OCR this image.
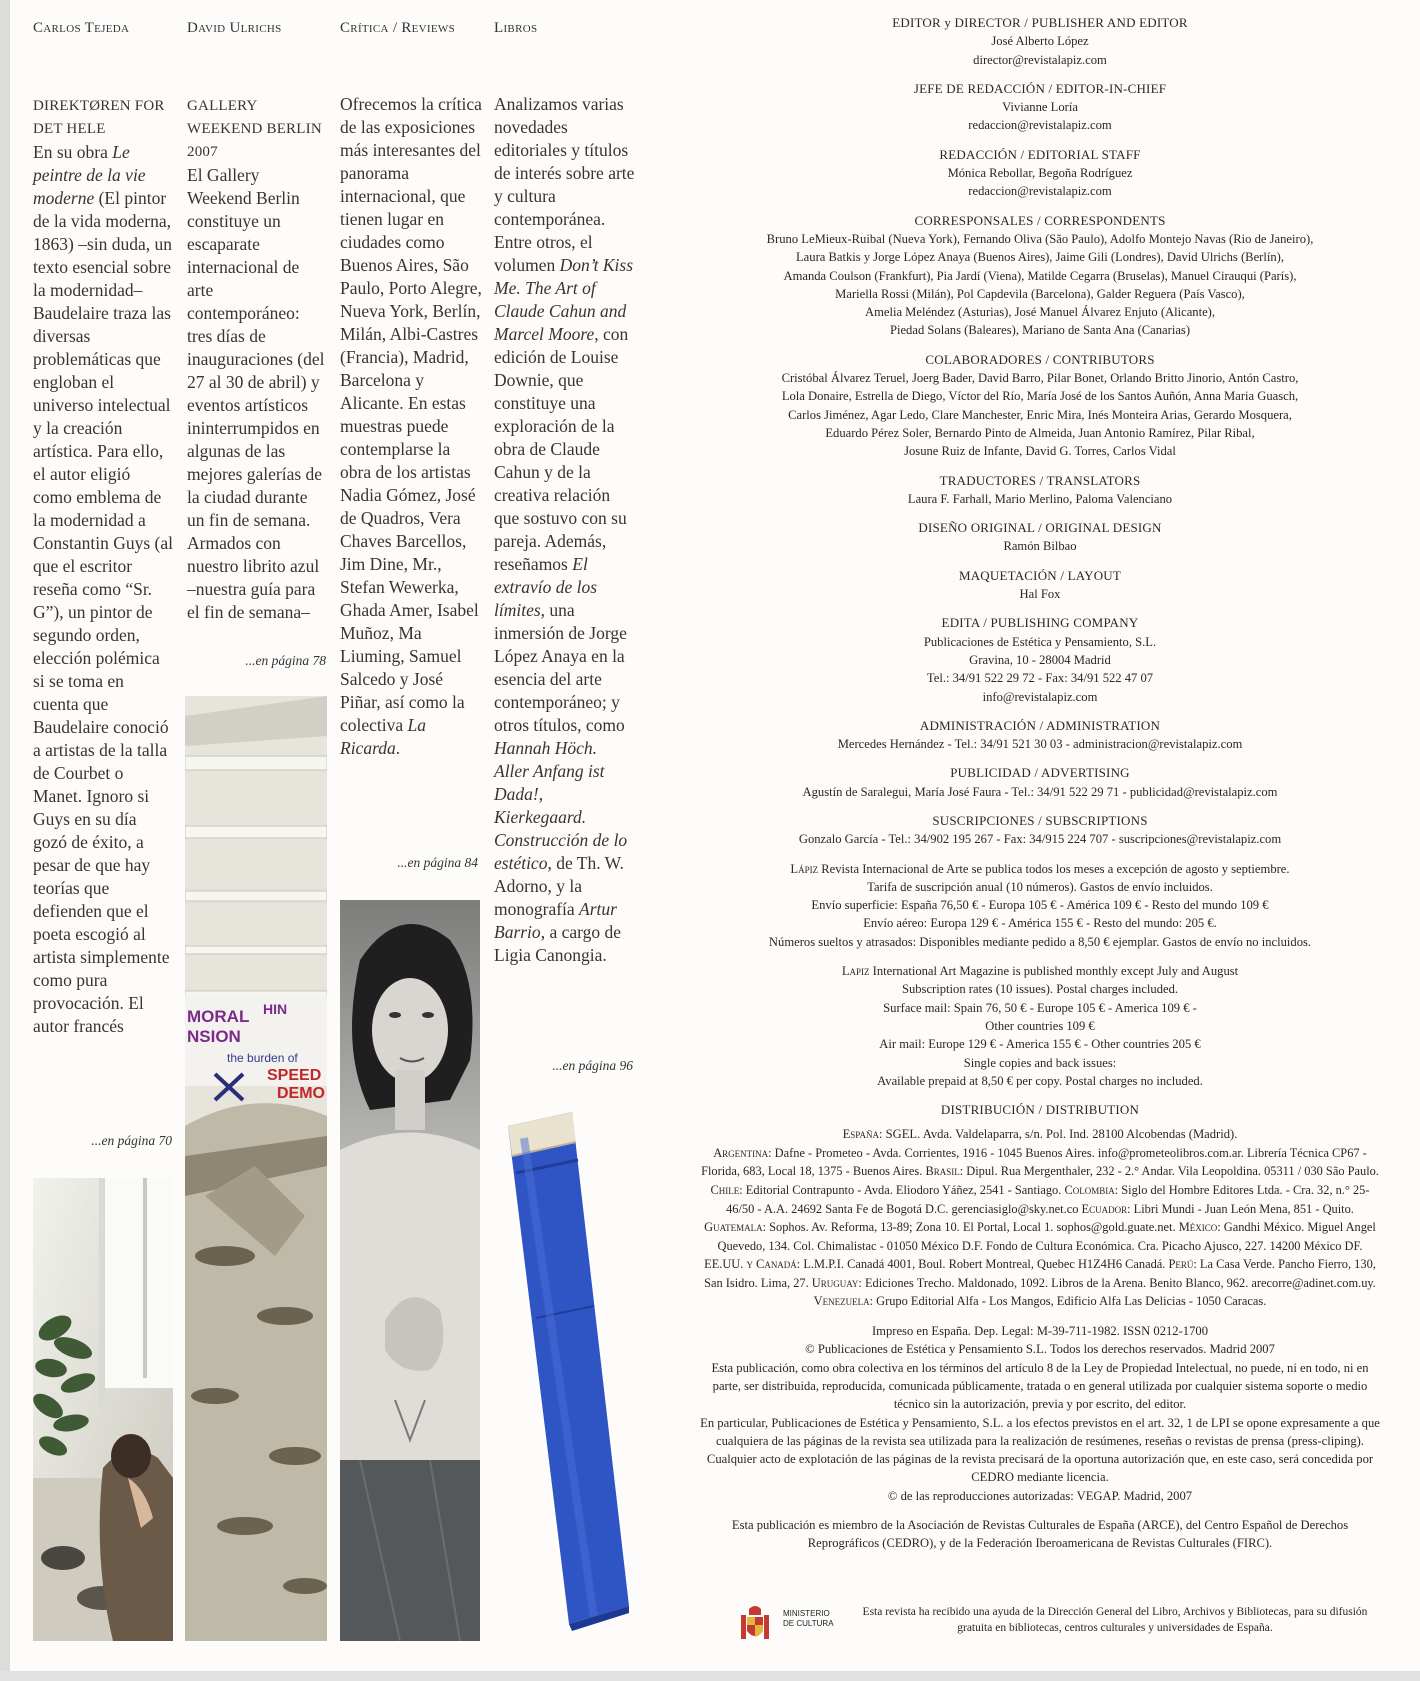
Carlos Tejeda
DIREKTØREN FOR DET HELE
En su obra Le peintre de la vie moderne (El pintor de la vida moderna, 1863) –sin duda, un texto esencial sobre la modernidad– Baudelaire traza las diversas problemáticas que engloban el universo intelectual y la creación artística. Para ello, el autor eligió como emblema de la modernidad a Constantin Guys (al que el escritor reseña como “Sr. G”), un pintor de segundo orden, elección polémica si se toma en cuenta que Baudelaire conoció a artistas de la talla de Courbet o Manet. Ignoro si Guys en su día gozó de éxito, a pesar de que hay teorías que defienden que el poeta escogió al artista simplemente como pura provocación. El autor francés
...en página 70
David Ulrichs
GALLERY WEEKEND BERLIN 2007
El Gallery Weekend Berlin constituye un escaparate internacional de arte contemporáneo: tres días de inauguraciones (del 27 al 30 de abril) y eventos artísticos ininterrumpidos en algunas de las mejores galerías de la ciudad durante un fin de semana. Armados con nuestro librito azul –nuestra guía para el fin de semana–
...en página 78
MORAL
NSION
HIN
the burden of
SPEED
DEMO
Crítica / Reviews
Ofrecemos la crítica de las exposiciones más interesantes del panorama internacional, que tienen lugar en ciudades como Buenos Aires, São Paulo, Porto Alegre, Nueva York, Berlín, Milán, Albi-Castres (Francia), Madrid, Barcelona y Alicante. En estas muestras puede contemplarse la obra de los artistas Nadia Gómez, José de Quadros, Vera Chaves Barcellos, Jim Dine, Mr., Stefan Wewerka, Ghada Amer, Isabel Muñoz, Ma Liuming, Samuel Salcedo y José Piñar, así como la colectiva La Ricarda.
...en página 84
Libros
Analizamos varias novedades editoriales y títulos de interés sobre arte y cultura contemporánea. Entre otros, el volumen Don’t Kiss Me. The Art of Claude Cahun and Marcel Moore, con edición de Louise Downie, que constituye una exploración de la obra de Claude Cahun y de la creativa relación que sostuvo con su pareja. Además, reseñamos El extravío de los límites, una inmersión de Jorge López Anaya en la esencia del arte contemporáneo; y otros títulos, como Hannah Höch. Aller Anfang ist Dada!, Kierkegaard. Construcción de lo estético, de Th. W. Adorno, y la monografía Artur Barrio, a cargo de Ligia Canongia.
...en página 96
EDITOR y DIRECTOR / PUBLISHER AND EDITOR
José Alberto López
director@revistalapiz.com
JEFE DE REDACCIÓN / EDITOR-IN-CHIEF
Vivianne Loría
redaccion@revistalapiz.com
REDACCIÓN / EDITORIAL STAFF
Mónica Rebollar, Begoña Rodríguez
redaccion@revistalapiz.com
CORRESPONSALES / CORRESPONDENTS
Bruno LeMieux-Ruibal (Nueva York), Fernando Oliva (São Paulo), Adolfo Montejo Navas (Rio de Janeiro),
Laura Batkis y Jorge López Anaya (Buenos Aires), Jaime Gili (Londres), David Ulrichs (Berlín),
Amanda Coulson (Frankfurt), Pia Jardí (Viena), Matilde Cegarra (Bruselas), Manuel Cirauqui (París),
Mariella Rossi (Milán), Pol Capdevila (Barcelona), Galder Reguera (País Vasco),
Amelia Meléndez (Asturias), José Manuel Álvarez Enjuto (Alicante),
Piedad Solans (Baleares), Mariano de Santa Ana (Canarias)
COLABORADORES / CONTRIBUTORS
Cristóbal Álvarez Teruel, Joerg Bader, David Barro, Pilar Bonet, Orlando Britto Jinorio, Antón Castro,
Lola Donaire, Estrella de Diego, Víctor del Río, María José de los Santos Auñón, Anna Maria Guasch,
Carlos Jiménez, Agar Ledo, Clare Manchester, Enric Mira, Inés Monteira Arias, Gerardo Mosquera,
Eduardo Pérez Soler, Bernardo Pinto de Almeida, Juan Antonio Ramírez, Pilar Ribal,
Josune Ruiz de Infante, David G. Torres, Carlos Vidal
TRADUCTORES / TRANSLATORS
Laura F. Farhall, Mario Merlino, Paloma Valenciano
DISEÑO ORIGINAL / ORIGINAL DESIGN
Ramón Bilbao
MAQUETACIÓN / LAYOUT
Hal Fox
EDITA / PUBLISHING COMPANY
Publicaciones de Estética y Pensamiento, S.L.
Gravina, 10 - 28004 Madrid
Tel.: 34/91 522 29 72 - Fax: 34/91 522 47 07
info@revistalapiz.com
ADMINISTRACIÓN / ADMINISTRATION
Mercedes Hernández - Tel.: 34/91 521 30 03 - administracion@revistalapiz.com
PUBLICIDAD / ADVERTISING
Agustín de Saralegui, María José Faura - Tel.: 34/91 522 29 71 - publicidad@revistalapiz.com
SUSCRIPCIONES / SUBSCRIPTIONS
Gonzalo García - Tel.: 34/902 195 267 - Fax: 34/915 224 707 - suscripciones@revistalapiz.com
Lápiz Revista Internacional de Arte se publica todos los meses a excepción de agosto y septiembre.
Tarifa de suscripción anual (10 números). Gastos de envío incluidos.
Envío superficie: España 76,50 € - Europa 105 € - América 109 € - Resto del mundo 109 €
Envío aéreo: Europa 129 € - América 155 € - Resto del mundo: 205 €.
Números sueltos y atrasados: Disponibles mediante pedido a 8,50 € ejemplar. Gastos de envío no incluidos.
Lapiz International Art Magazine is published monthly except July and August
Subscription rates (10 issues). Postal charges included.
Surface mail: Spain 76, 50 € - Europe 105 € - America 109 € -
Other countries 109 €
Air mail: Europe 129 € - America 155 € - Other countries 205 €
Single copies and back issues:
Available prepaid at 8,50 € per copy. Postal charges no included.
DISTRIBUCIÓN / DISTRIBUTION
España: SGEL. Avda. Valdelaparra, s/n. Pol. Ind. 28100 Alcobendas (Madrid).
Argentina: Dafne - Prometeo - Avda. Corrientes, 1916 - 1045 Buenos Aires. info@prometeolibros.com.ar. Librería Técnica CP67 - Florida, 683, Local 18, 1375 - Buenos Aires. Brasil: Dipul. Rua Mergenthaler, 232 - 2.° Andar. Vila Leopoldina. 05311 / 030 São Paulo. Chile: Editorial Contrapunto - Avda. Eliodoro Yáñez, 2541 - Santiago. Colombia: Siglo del Hombre Editores Ltda. - Cra. 32, n.° 25-46/50 - A.A. 24692 Santa Fe de Bogotá D.C. gerenciasiglo@sky.net.co Ecuador: Libri Mundi - Juan León Mena, 851 - Quito. Guatemala: Sophos. Av. Reforma, 13-89; Zona 10. El Portal, Local 1. sophos@gold.guate.net. México: Gandhi México. Miguel Angel Quevedo, 134. Col. Chimalistac - 01050 México D.F. Fondo de Cultura Económica. Cra. Picacho Ajusco, 227. 14200 México DF. EE.UU. y Canadá: L.M.P.I. Canadá 4001, Boul. Robert Montreal, Quebec H1Z4H6 Canadá. Perú: La Casa Verde. Pancho Fierro, 130, San Isidro. Lima, 27. Uruguay: Ediciones Trecho. Maldonado, 1092. Libros de la Arena. Benito Blanco, 962. arecorre@adinet.com.uy. Venezuela: Grupo Editorial Alfa - Los Mangos, Edificio Alfa Las Delicias - 1050 Caracas.
Impreso en España. Dep. Legal: M-39-711-1982. ISSN 0212-1700
© Publicaciones de Estética y Pensamiento S.L. Todos los derechos reservados. Madrid 2007
Esta publicación, como obra colectiva en los términos del artículo 8 de la Ley de Propiedad Intelectual, no puede, ni en todo, ni en parte, ser distribuida, reproducida, comunicada públicamente, tratada o en general utilizada por cualquier sistema soporte o medio técnico sin la autorización, previa y por escrito, del editor.
En particular, Publicaciones de Estética y Pensamiento, S.L. a los efectos previstos en el art. 32, 1 de LPI se opone expresamente a que cualquiera de las páginas de la revista sea utilizada para la realización de resúmenes, reseñas o revistas de prensa (press-cliping). Cualquier acto de explotación de las páginas de la revista precisará de la oportuna autorización que, en este caso, será concedida por CEDRO mediante licencia.
© de las reproducciones autorizadas: VEGAP. Madrid, 2007
Esta publicación es miembro de la Asociación de Revistas Culturales de España (ARCE), del Centro Español de Derechos Reprográficos (CEDRO), y de la Federación Iberoamericana de Revistas Culturales (FIRC).
MINISTERIO
DE CULTURA
Esta revista ha recibido una ayuda de la Dirección General del Libro, Archivos y Bibliotecas, para su difusión gratuita en bibliotecas, centros culturales y universidades de España.
